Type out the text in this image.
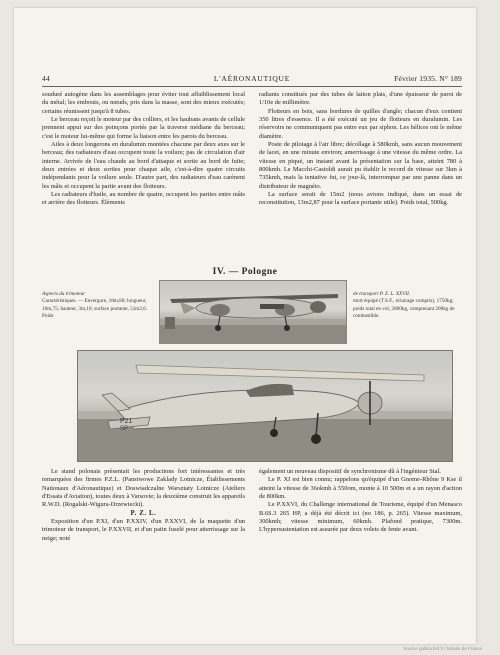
44	L'AÉRONAUTIQUE	Février 1935. N° 189

souduré autogène dans les assemblages pour éviter tout affaiblissement local du métal; les embouts, ou nœuds, pris dans la masse, sont des mieux exécutés; certains réunissent jusqu'à 8 tubes.

Le berceau reçoit le moteur par des colliers, et les haubans avants de cellule prennent appui sur des poinçons portés par la traverse médiane du berceau; c'est le moteur lui-même qui forme la liaison entre les parois du berceau.

Ailes à deux longerons en duralumin montées chacune par deux axes sur le berceau; des radiateurs d'eau occupent toute la voilure; pas de circulation d'air interne. Arrivée de l'eau chaude au bord d'attaque et sortie au bord de fuite; deux entrées et deux sorties pour chaque aile, c'est-à-dire quatre circuits indépendants pour la voilure seule. D'autre part, des radiateurs d'eau carènent les mâts et occupent la partie avant des flotteurs.

Les radiateurs d'huile, au nombre de quatre, occupent les parties entre mâts et arrière des flotteurs. Éléments

radiants constitués par des tubes de laiton plats, d'une épaisseur de paroi de 1/10e de millimètre.

Flotteurs en bois, sans bordures de quilles d'angle; chacun d'eux contient 350 litres d'essence. Il a été exécuté un jeu de flotteurs en duralumin. Les réservoirs ne communiquent pas entre eux par siphon. Les hélices ont le même diamètre.

Poste de pilotage à l'air libre; décollage à 580kmh, sans aucun mouvement de lacet, en une minute environ; amerrissage à une vitesse du même ordre. La vitesse en piqué, un instant avant la présentation sur la base, atteint 780 à 800kmh. Le Macchi-Castoldi aurait pu établir le record de vitesse sur 3km à 735kmh, mais la tentative fut, ce jour-là, interrompue par une panne dans un distributeur de magnéto.

La surface serait de 15m2 (nous avions indiqué, dans un essai de reconstitution, 13m2,87 pour la surface portante utile). Poids total, 500kg.

IV. — Pologne
Aspects du trimoteur
Caractéristiques. — Envergure, 18m,80; longueur, 10m,75; hauteur, 3m,10; surface portante, 51m2,6. Poids
de transport P. Z. L. XXVII.
mort équipé (T.S.F., éclairage compris), 1750kg; poids total en vol, 2800kg, comprenant 200kg de combustible.
P21
SP

Le stand polonais présentait les productions fort intéressantes et très remarquées des firmes P.Z.L. (Panstwowe Zaklady Lotnicze, Établissements Nationaux d'Aéronautique) et Doswiadczalne Warsztaty Lotnicze (Ateliers d'Essais d'Aviation), toutes deux à Varsovie; la deuxième construit les appareils R.W.D. (Rogalski-Wigura-Drzewiecki).

P. Z. L.

Exposition d'un P.XI, d'un P.XXIV, d'un P.XXVI, de la maquette d'un trimoteur de transport, le P.XXVII, et d'un patin fuselé pour atterrissage sur la neige; noté

également un nouveau dispositif de synchronisme dû à l'ingénieur Stal.

Le P. XI est bien connu; rappelons qu'équipé d'un Gnome-Rhône 9 Kse il atteint la vitesse de 36okmh à 550om, monte à 10 500m et a un rayon d'action de 800km.

Le P.XXVI, du Challenge international de Tourisme, équipé d'un Menasco B.6S.3 265 HP, a déjà été décrit ici (no 186, p. 265). Vitesse maximum, 300kmh; vitesse minimum, 60kmh. Plafond pratique, 7300m. L'hypersustentation est assurée par deux volets de fente avant.

Source gallica.bnf.fr / Musée de France
